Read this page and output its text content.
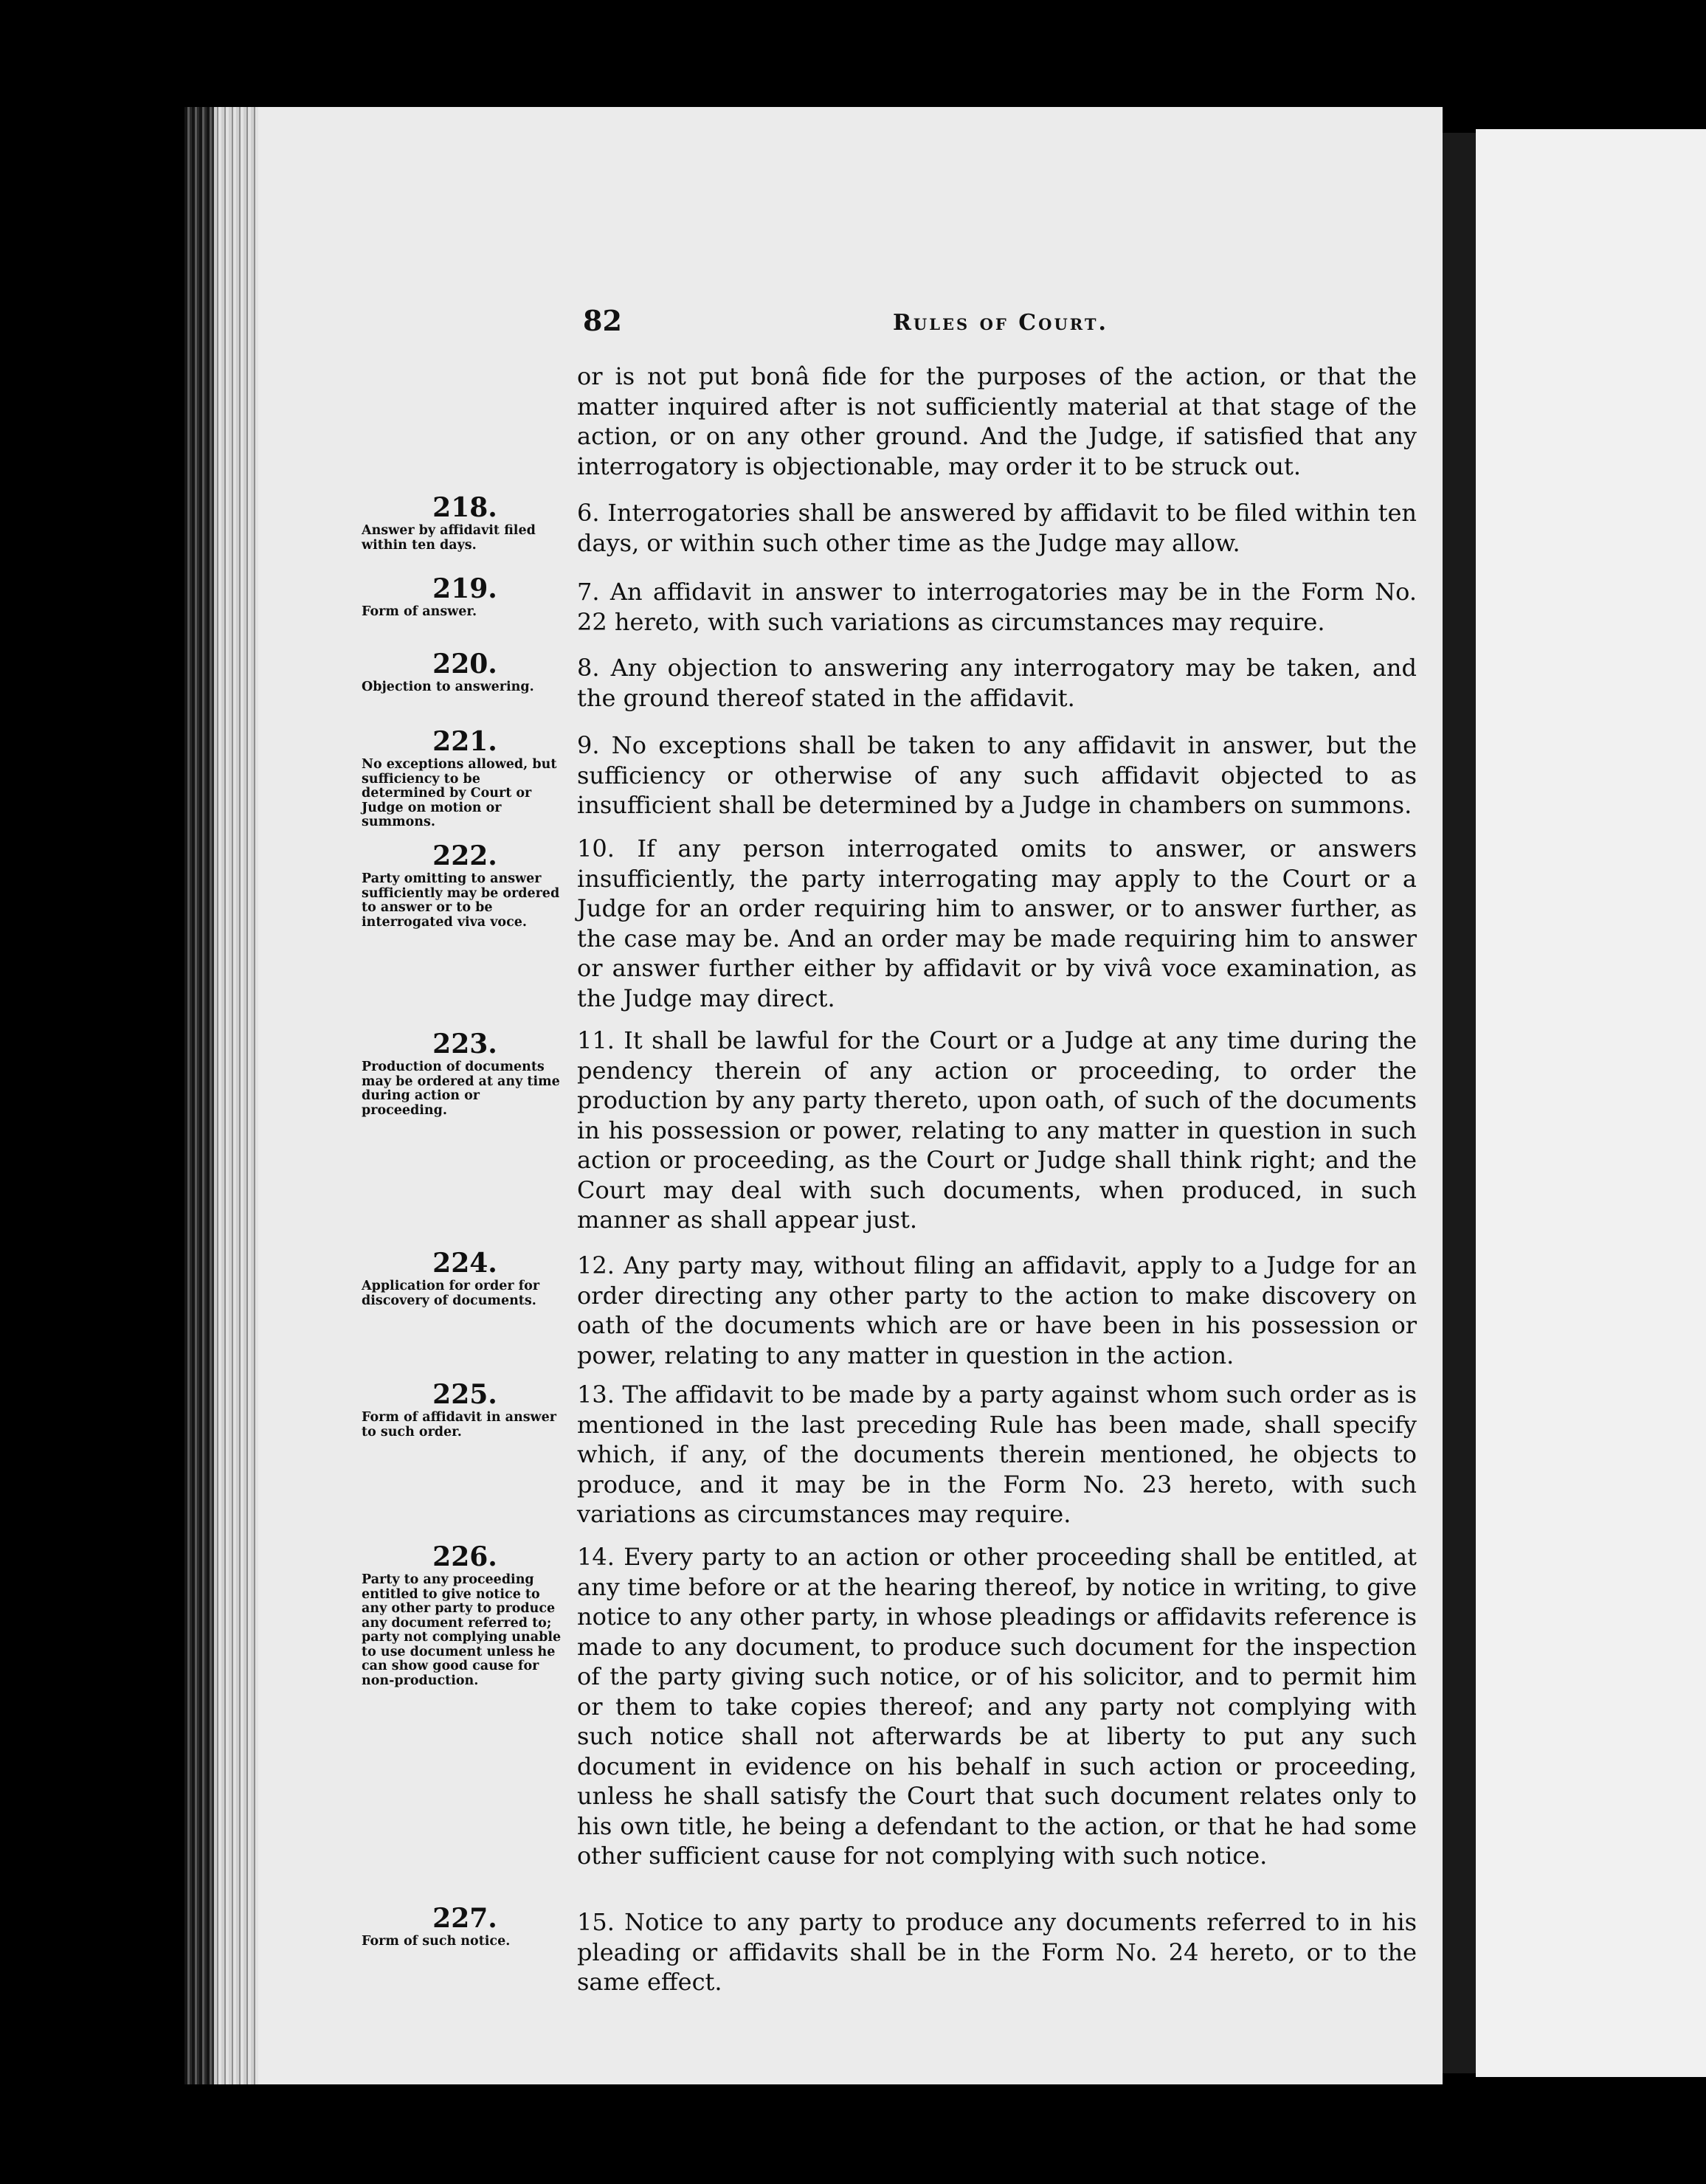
82	Rules of Court.

or is not put bonâ fide for the purposes of the action, or that the matter inquired after is not sufficiently material at that stage of the action, or on any other ground. And the Judge, if satisfied that any interrogatory is objectionable, may order it to be struck out.

6. Interrogatories shall be answered by affidavit to be filed within ten days, or within such other time as the Judge may allow.

7. An affidavit in answer to interrogatories may be in the Form No. 22 hereto, with such variations as circumstances may require.

8. Any objection to answering any interrogatory may be taken, and the ground thereof stated in the affidavit.

9. No exceptions shall be taken to any affidavit in answer, but the sufficiency or otherwise of any such affidavit objected to as insufficient shall be determined by a Judge in chambers on summons.

10. If any person interrogated omits to answer, or answers insufficiently, the party interrogating may apply to the Court or a Judge for an order requiring him to answer, or to answer further, as the case may be. And an order may be made requiring him to answer or answer further either by affidavit or by vivâ voce examination, as the Judge may direct.

11. It shall be lawful for the Court or a Judge at any time during the pendency therein of any action or proceeding, to order the production by any party thereto, upon oath, of such of the documents in his possession or power, relating to any matter in question in such action or proceeding, as the Court or Judge shall think right; and the Court may deal with such documents, when produced, in such manner as shall appear just.

12. Any party may, without filing an affidavit, apply to a Judge for an order directing any other party to the action to make discovery on oath of the documents which are or have been in his possession or power, relating to any matter in question in the action.

13. The affidavit to be made by a party against whom such order as is mentioned in the last preceding Rule has been made, shall specify which, if any, of the documents therein mentioned, he objects to produce, and it may be in the Form No. 23 hereto, with such variations as circumstances may require.

14. Every party to an action or other proceeding shall be entitled, at any time before or at the hearing thereof, by notice in writing, to give notice to any other party, in whose pleadings or affidavits reference is made to any document, to produce such document for the inspection of the party giving such notice, or of his solicitor, and to permit him or them to take copies thereof; and any party not complying with such notice shall not afterwards be at liberty to put any such document in evidence on his behalf in such action or proceeding, unless he shall satisfy the Court that such document relates only to his own title, he being a defendant to the action, or that he had some other sufficient cause for not complying with such notice.

15. Notice to any party to produce any documents referred to in his pleading or affidavits shall be in the Form No. 24 hereto, or to the same effect.

218.
Answer by affidavit filed within ten days.
219.
Form of answer.
220.
Objection to answering.
221.
No exceptions allowed, but sufficiency to be determined by Court or Judge on motion or summons.
222.
Party omitting to answer sufficiently may be ordered to answer or to be interrogated viva voce.
223.
Production of documents may be ordered at any time during action or proceeding.
224.
Application for order for discovery of documents.
225.
Form of affidavit in answer to such order.
226.
Party to any proceeding entitled to give notice to any other party to produce any document referred to; party not complying unable to use document unless he can show good cause for non-production.
227.
Form of such notice.
